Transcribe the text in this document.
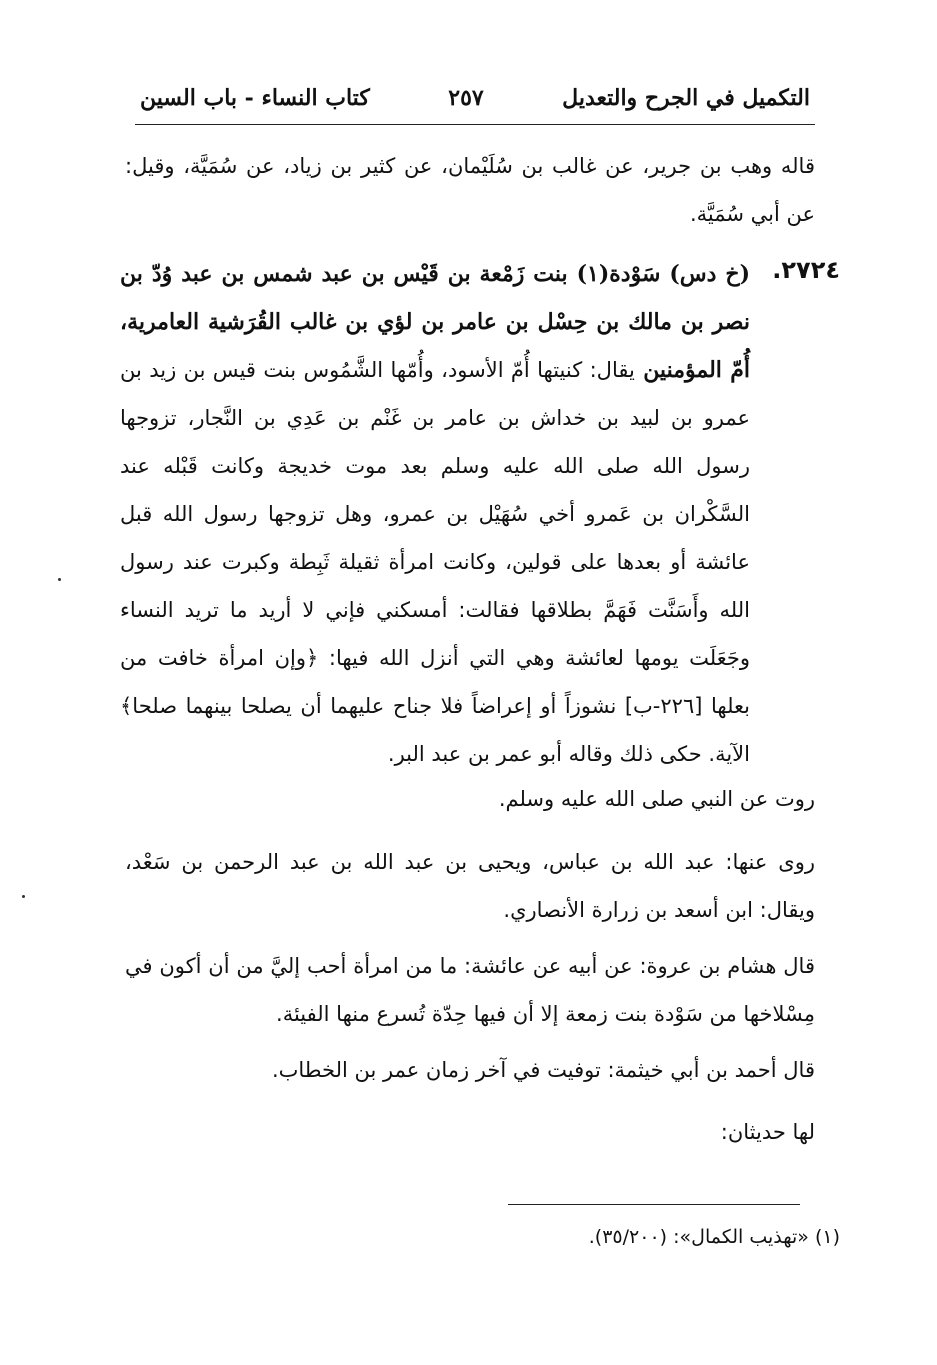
التكميل في الجرح والتعديل
٢٥٧
كتاب النساء - باب السين
قاله وهب بن جرير، عن غالب بن سُلَيْمان، عن كثير بن زياد، عن سُمَيَّة، وقيل: عن أبي سُمَيَّة.
٢٧٢٤.
(خ دس) سَوْدة(١) بنت زَمْعة بن قَيْس بن عبد شمس بن عبد وُدّ بن نصر بن مالك بن حِسْل بن عامر بن لؤي بن غالب القُرَشية العامرية، أُمّ المؤمنين يقال: كنيتها أُمّ الأسود، وأُمّها الشَّمُوس بنت قيس بن زيد بن عمرو بن لبيد بن خداش بن عامر بن غَنْم بن عَدِي بن النَّجار، تزوجها رسول الله صلى الله عليه وسلم بعد موت خديجة وكانت قَبْله عند السَّكْران بن عَمرو أخي سُهَيْل بن عمرو، وهل تزوجها رسول الله قبل عائشة أو بعدها على قولين، وكانت امرأة ثقيلة ثَبِطة وكبرت عند رسول الله وأَسَنَّت فَهَمَّ بطلاقها فقالت: أمسكني فإني لا أريد ما تريد النساء وجَعَلَت يومها لعائشة وهي التي أنزل الله فيها: ﴿وإن امرأة خافت من بعلها [٢٢٦-ب] نشوزاً أو إعراضاً فلا جناح عليهما أن يصلحا بينهما صلحا﴾ الآية. حكى ذلك وقاله أبو عمر بن عبد البر.
روت عن النبي صلى الله عليه وسلم.
روى عنها: عبد الله بن عباس، ويحيى بن عبد الله بن عبد الرحمن بن سَعْد، ويقال: ابن أسعد بن زرارة الأنصاري.
قال هشام بن عروة: عن أبيه عن عائشة: ما من امرأة أحب إليَّ من أن أكون في مِسْلاخها من سَوْدة بنت زمعة إلا أن فيها حِدّة تُسرع منها الفيئة.
قال أحمد بن أبي خيثمة: توفيت في آخر زمان عمر بن الخطاب.
لها حديثان:
(١) «تهذيب الكمال»: (٣٥/٢٠٠).
